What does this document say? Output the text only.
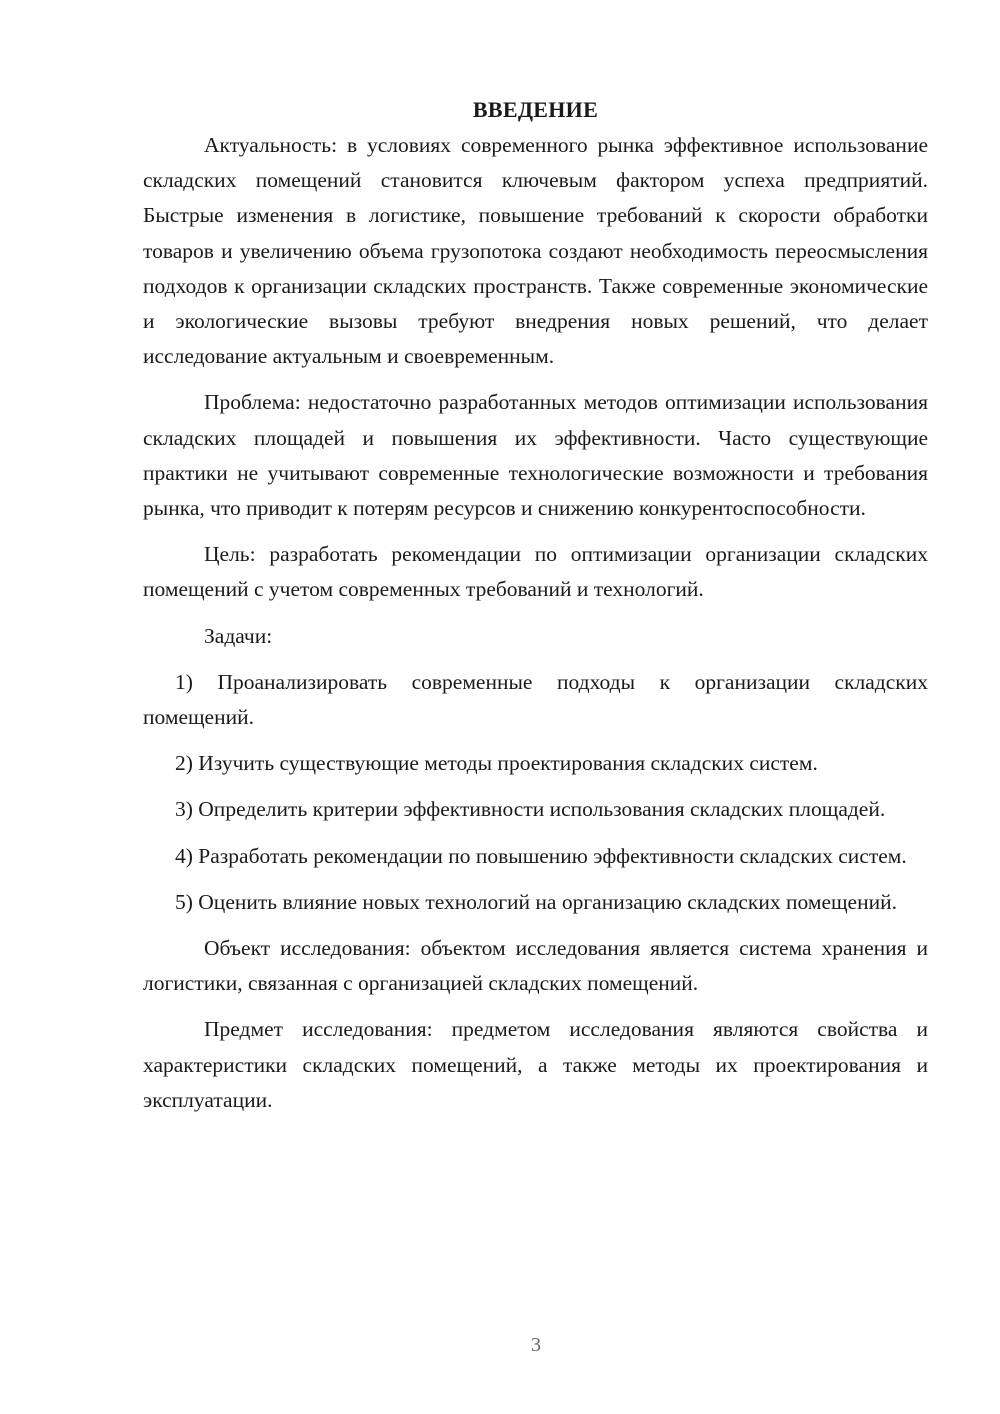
ВВЕДЕНИЕ

Актуальность: в условиях современного рынка эффективное использование складских помещений становится ключевым фактором успеха предприятий. Быстрые изменения в логистике, повышение требований к скорости обработки товаров и увеличению объема грузопотока создают необходимость переосмысления подходов к организации складских пространств. Также современные экономические и экологические вызовы требуют внедрения новых решений, что делает исследование актуальным и своевременным.

Проблема: недостаточно разработанных методов оптимизации использования складских площадей и повышения их эффективности. Часто существующие практики не учитывают современные технологические возможности и требования рынка, что приводит к потерям ресурсов и снижению конкурентоспособности.

Цель: разработать рекомендации по оптимизации организации складских помещений с учетом современных требований и технологий.

Задачи:

1) Проанализировать современные подходы к организации складских помещений.

2) Изучить существующие методы проектирования складских систем.

3) Определить критерии эффективности использования складских площадей.

4) Разработать рекомендации по повышению эффективности складских систем.

5) Оценить влияние новых технологий на организацию складских помещений.

Объект исследования: объектом исследования является система хранения и логистики, связанная с организацией складских помещений.

Предмет исследования: предметом исследования являются свойства и характеристики складских помещений, а также методы их проектирования и эксплуатации.

3
